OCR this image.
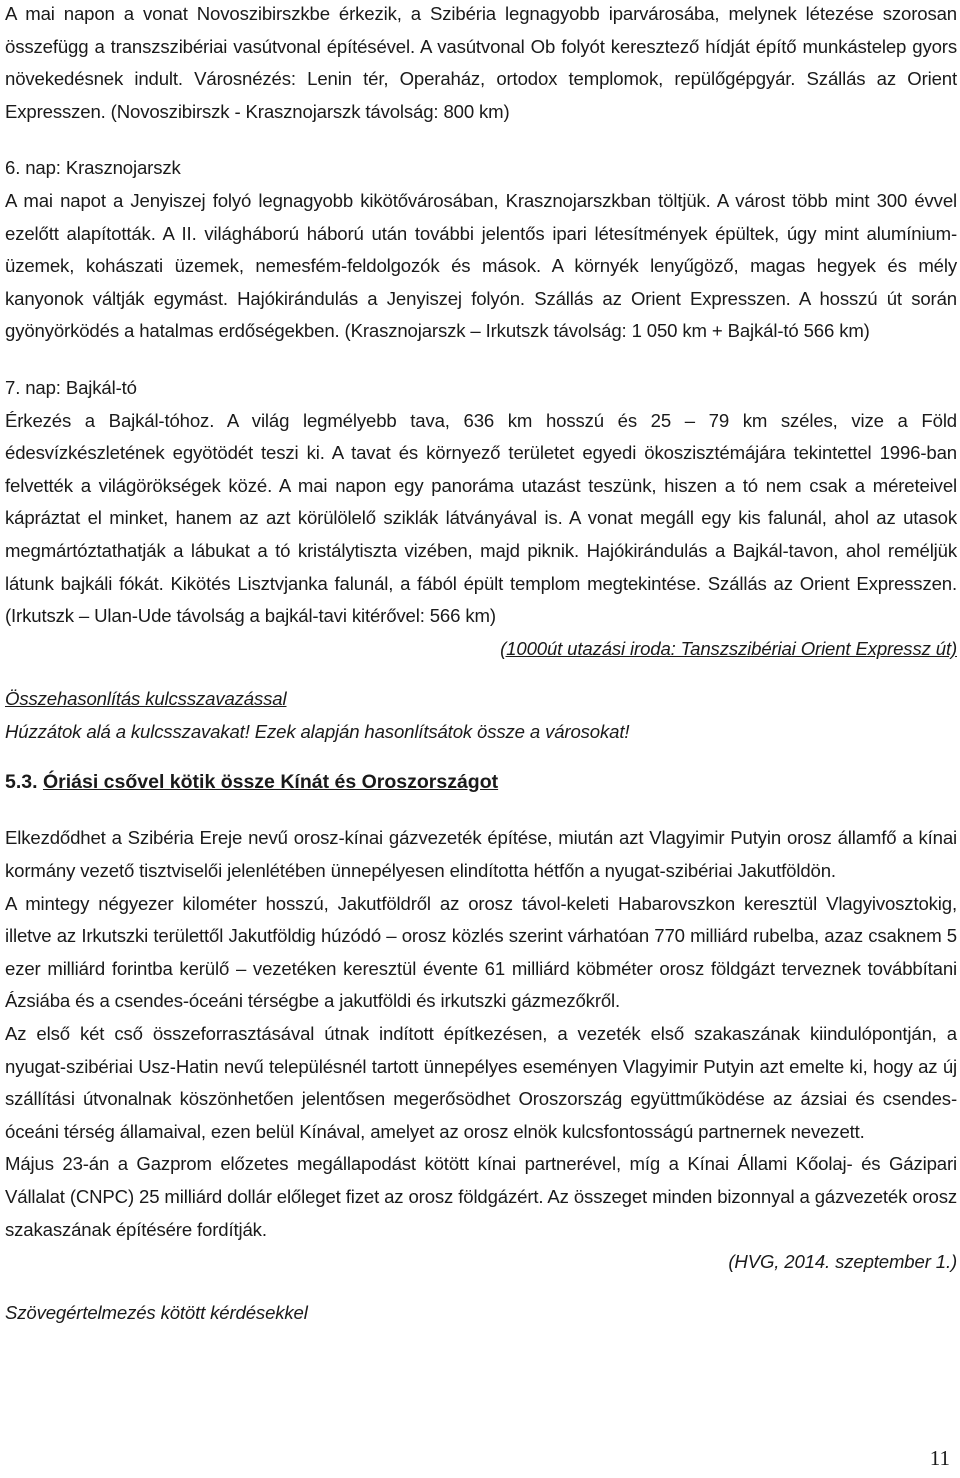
A mai napon a vonat Novoszibirszkbe érkezik, a Szibéria legnagyobb iparvárosába, melynek létezése szorosan összefügg a transzszibériai vasútvonal építésével. A vasútvonal Ob folyót keresztező hídját építő munkástelep gyors növekedésnek indult. Városnézés: Lenin tér, Operaház, ortodox templomok, repülőgépgyár. Szállás az Orient Expresszen. (Novoszibirszk - Krasznojarszk távolság: 800 km)

6. nap: Krasznojarszk

A mai napot a Jenyiszej folyó legnagyobb kikötővárosában, Krasznojarszkban töltjük. A várost több mint 300 évvel ezelőtt alapították. A II. világháború háború után további jelentős ipari létesítmények épültek, úgy mint alumínium-üzemek, kohászati üzemek, nemesfém-feldolgozók és mások. A környék lenyűgöző, magas hegyek és mély kanyonok váltják egymást. Hajókirándulás a Jenyiszej folyón. Szállás az Orient Expresszen. A hosszú út során gyönyörködés a hatalmas erdőségekben. (Krasznojarszk – Irkutszk távolság: 1 050 km + Bajkál-tó 566 km)

7. nap: Bajkál-tó

Érkezés a Bajkál-tóhoz. A világ legmélyebb tava, 636 km hosszú és 25 – 79 km széles, vize a Föld édesvízkészletének egyötödét teszi ki. A tavat és környező területet egyedi ökoszisztémájára tekintettel 1996-ban felvették a világörökségek közé. A mai napon egy panoráma utazást teszünk, hiszen a tó nem csak a méreteivel kápráztat el minket, hanem az azt körülölelő sziklák látványával is. A vonat megáll egy kis falunál, ahol az utasok megmártóztathatják a lábukat a tó kristálytiszta vizében, majd piknik. Hajókirándulás a Bajkál-tavon, ahol reméljük látunk bajkáli fókát. Kikötés Lisztvjanka falunál, a fából épült templom megtekintése. Szállás az Orient Expresszen. (Irkutszk – Ulan-Ude távolság a bajkál-tavi kitérővel: 566 km)

(1000út utazási iroda: Tanszszibériai Orient Expressz út)

Összehasonlítás kulcsszavazással

Húzzátok alá a kulcsszavakat! Ezek alapján hasonlítsátok össze a városokat!

5.3. Óriási csővel kötik össze Kínát és Oroszországot

Elkezdődhet a Szibéria Ereje nevű orosz-kínai gázvezeték építése, miután azt Vlagyimir Putyin orosz államfő a kínai kormány vezető tisztviselői jelenlétében ünnepélyesen elindította hétfőn a nyugat-szibériai Jakutföldön.

A mintegy négyezer kilométer hosszú, Jakutföldről az orosz távol-keleti Habarovszkon keresztül Vlagyivosztokig, illetve az Irkutszki területtől Jakutföldig húzódó – orosz közlés szerint várhatóan 770 milliárd rubelba, azaz csaknem 5 ezer milliárd forintba kerülő – vezetéken keresztül évente 61 milliárd köbméter orosz földgázt terveznek továbbítani Ázsiába és a csendes-óceáni térségbe a jakutföldi és irkutszki gázmezőkről.

Az első két cső összeforrasztásával útnak indított építkezésen, a vezeték első szakaszának kiindulópontján, a nyugat-szibériai Usz-Hatin nevű településnél tartott ünnepélyes eseményen Vlagyimir Putyin azt emelte ki, hogy az új szállítási útvonalnak köszönhetően jelentősen megerősödhet Oroszország együttműködése az ázsiai és csendes-óceáni térség államaival, ezen belül Kínával, amelyet az orosz elnök kulcsfontosságú partnernek nevezett.

Május 23-án a Gazprom előzetes megállapodást kötött kínai partnerével, míg a Kínai Állami Kőolaj- és Gázipari Vállalat (CNPC) 25 milliárd dollár előleget fizet az orosz földgázért. Az összeget minden bizonnyal a gázvezeték orosz szakaszának építésére fordítják.

(HVG, 2014. szeptember 1.)

Szövegértelmezés kötött kérdésekkel

11
